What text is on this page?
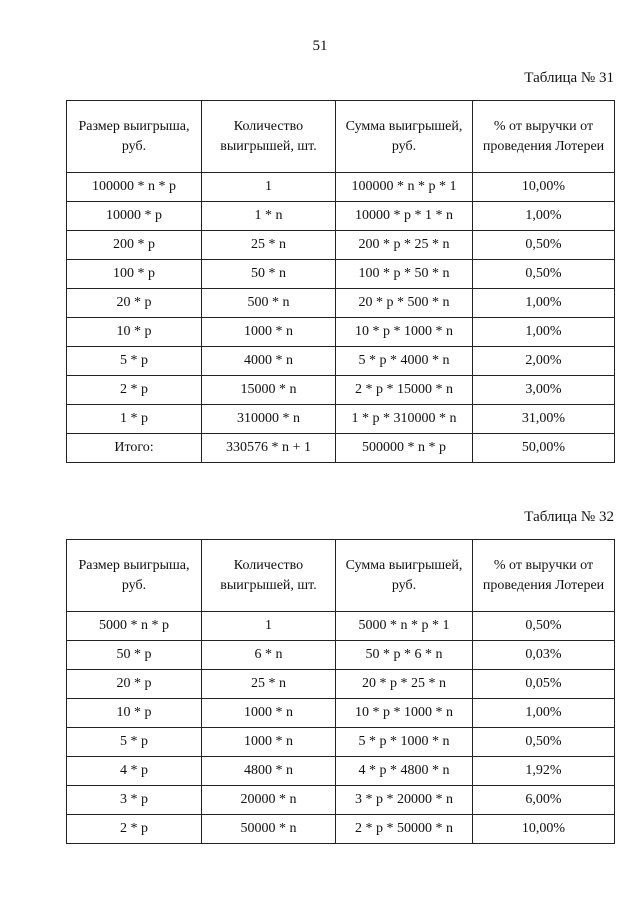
51
Таблица № 31
Размер выигрыша, руб.	Количество выигрышей, шт.	Сумма выигрышей, руб.	% от выручки от проведения Лотереи
100000 * n * p	1	100000 * n * p * 1	10,00%
10000 * p	1 * n	10000 * p * 1 * n	1,00%
200 * p	25 * n	200 * p * 25 * n	0,50%
100 * p	50 * n	100 * p * 50 * n	0,50%
20 * p	500 * n	20 * p * 500 * n	1,00%
10 * p	1000 * n	10 * p * 1000 * n	1,00%
5 * p	4000 * n	5 * p * 4000 * n	2,00%
2 * p	15000 * n	2 * p * 15000 * n	3,00%
1 * p	310000 * n	1 * p * 310000 * n	31,00%
Итого:	330576 * n + 1	500000 * n * p	50,00%
Таблица № 32
Размер выигрыша, руб.	Количество выигрышей, шт.	Сумма выигрышей, руб.	% от выручки от проведения Лотереи
5000 * n * p	1	5000 * n * p * 1	0,50%
50 * p	6 * n	50 * p * 6 * n	0,03%
20 * p	25 * n	20 * p * 25 * n	0,05%
10 * p	1000 * n	10 * p * 1000 * n	1,00%
5 * p	1000 * n	5 * p * 1000 * n	0,50%
4 * p	4800 * n	4 * p * 4800 * n	1,92%
3 * p	20000 * n	3 * p * 20000 * n	6,00%
2 * p	50000 * n	2 * p * 50000 * n	10,00%
